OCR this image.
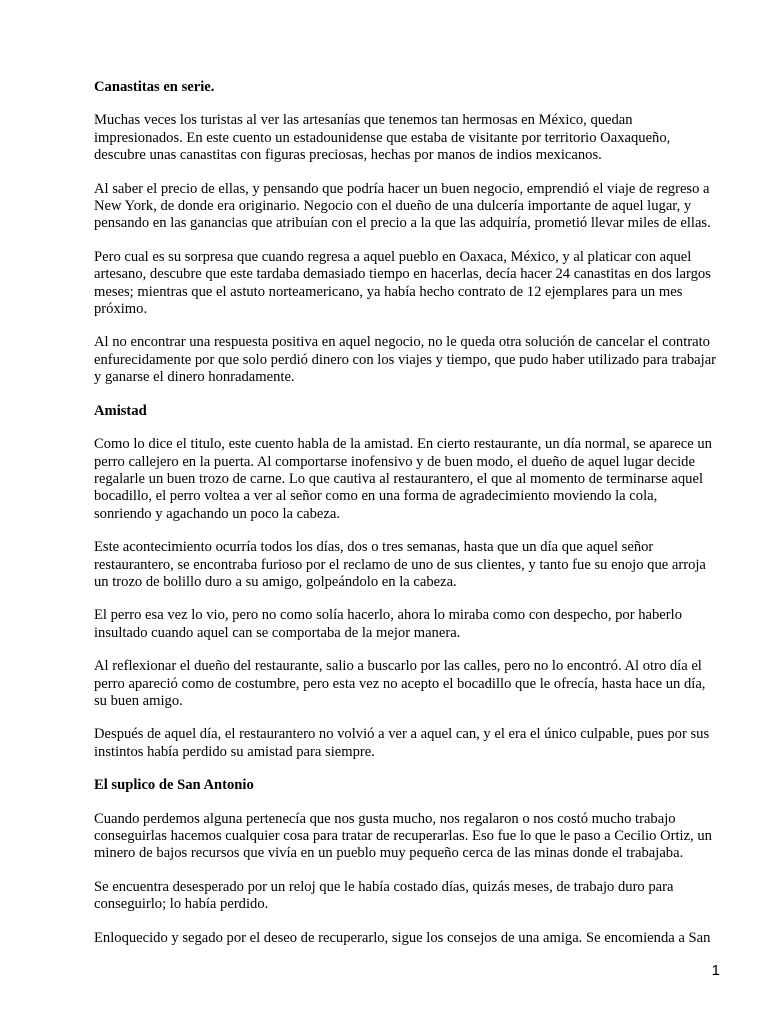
Canastitas en serie.

Muchas veces los turistas al ver las artesanías que tenemos tan hermosas en México, quedan impresionados. En este cuento un estadounidense que estaba de visitante por territorio Oaxaqueño, descubre unas canastitas con figuras preciosas, hechas por manos de indios mexicanos.

Al saber el precio de ellas, y pensando que podría hacer un buen negocio, emprendió el viaje de regreso a New York, de donde era originario. Negocio con el dueño de una dulcería importante de aquel lugar, y pensando en las ganancias que atribuían con el precio a la que las adquiría, prometió llevar miles de ellas.

Pero cual es su sorpresa que cuando regresa a aquel pueblo en Oaxaca, México, y al platicar con aquel artesano, descubre que este tardaba demasiado tiempo en hacerlas, decía hacer 24 canastitas en dos largos meses; mientras que el astuto norteamericano, ya había hecho contrato de 12 ejemplares para un mes próximo.

Al no encontrar una respuesta positiva en aquel negocio, no le queda otra solución de cancelar el contrato enfurecidamente por que solo perdió dinero con los viajes y tiempo, que pudo haber utilizado para trabajar y ganarse el dinero honradamente.

Amistad

Como lo dice el titulo, este cuento habla de la amistad. En cierto restaurante, un día normal, se aparece un perro callejero en la puerta. Al comportarse inofensivo y de buen modo, el dueño de aquel lugar decide regalarle un buen trozo de carne. Lo que cautiva al restaurantero, el que al momento de terminarse aquel bocadillo, el perro voltea a ver al señor como en una forma de agradecimiento moviendo la cola, sonriendo y agachando un poco la cabeza.

Este acontecimiento ocurría todos los días, dos o tres semanas, hasta que un día que aquel señor restaurantero, se encontraba furioso por el reclamo de uno de sus clientes, y tanto fue su enojo que arroja un trozo de bolillo duro a su amigo, golpeándolo en la cabeza.

El perro esa vez lo vio, pero no como solía hacerlo, ahora lo miraba como con despecho, por haberlo insultado cuando aquel can se comportaba de la mejor manera.

Al reflexionar el dueño del restaurante, salio a buscarlo por las calles, pero no lo encontró. Al otro día el perro apareció como de costumbre, pero esta vez no acepto el bocadillo que le ofrecía, hasta hace un día, su buen amigo.

Después de aquel día, el restaurantero no volvió a ver a aquel can, y el era el único culpable, pues por sus instintos había perdido su amistad para siempre.

El suplico de San Antonio

Cuando perdemos alguna pertenecía que nos gusta mucho, nos regalaron o nos costó mucho trabajo conseguirlas hacemos cualquier cosa para tratar de recuperarlas. Eso fue lo que le paso a Cecilio Ortiz, un minero de bajos recursos que vivía en un pueblo muy pequeño cerca de las minas donde el trabajaba.

Se encuentra desesperado por un reloj que le había costado días, quizás meses, de trabajo duro para conseguirlo; lo había perdido.

Enloquecido y segado por el deseo de recuperarlo, sigue los consejos de una amiga. Se encomienda a San

1
